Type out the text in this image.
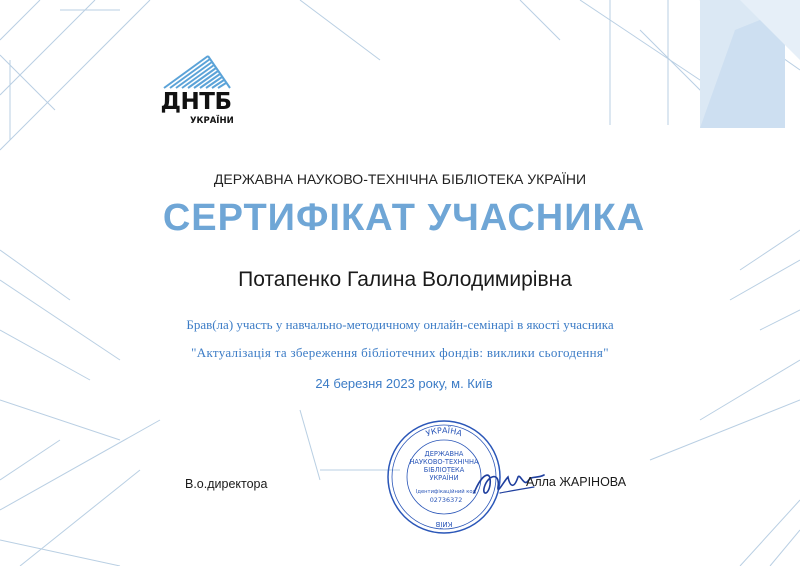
ДНТБ
УКРАЇНИ
ДЕРЖАВНА НАУКОВО-ТЕХНІЧНА БІБЛІОТЕКА УКРАЇНИ
СЕРТИФІКАТ УЧАСНИКА
Потапенко Галина Володимирівна
Брав(ла) участь у навчально-методичному онлайн-семінарі в якості учасника
"Актуалізація та збереження бібліотечних фондів: виклики сьогодення"
24 березня 2023 року, м. Київ
В.о.директора
УКРАЇНА
ДЕРЖАВНА
НАУКОВО-ТЕХНІЧНА
БІБЛІОТЕКА
УКРАЇНИ
Ідентифікаційний код
02736372
КИЇВ
Алла ЖАРІНОВА
